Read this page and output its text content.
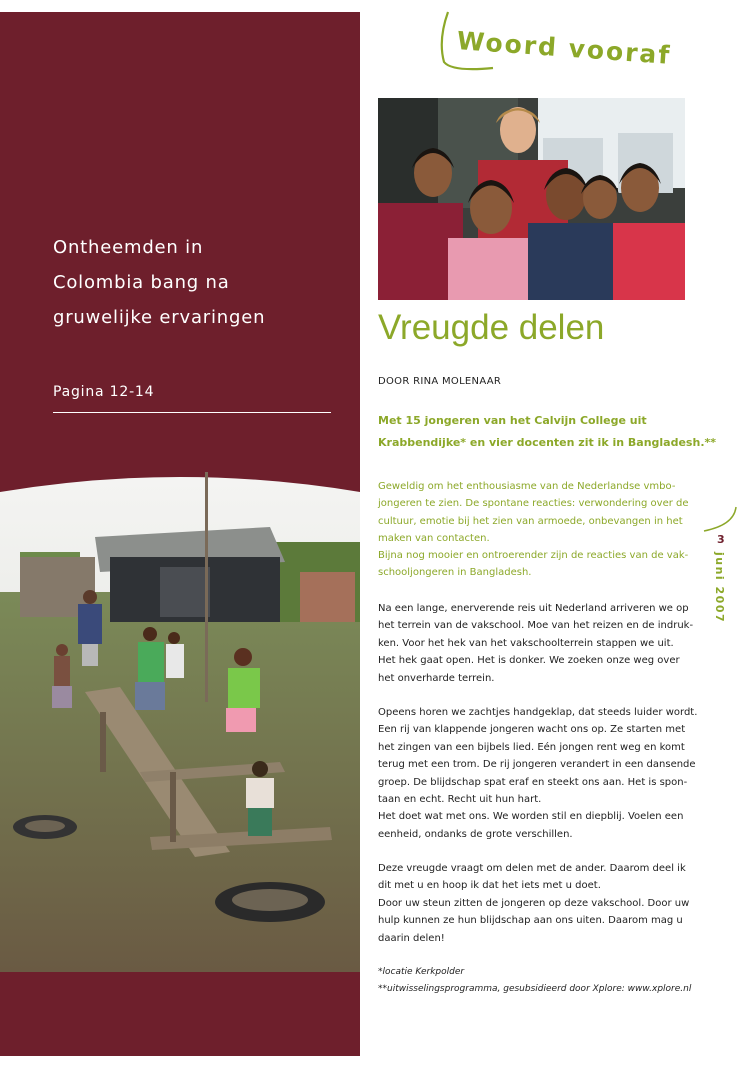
Ontheemden in
Colombia bang na
gruwelijke ervaringen
Pagina 12-14
Woord vooraf
Vreugde delen
DOOR RINA MOLENAAR
Met 15 jongeren van het Calvijn College uit
Krabbendijke* en vier docenten zit ik in Bangladesh.**
Geweldig om het enthousiasme van de Nederlandse vmbo-
jongeren te zien. De spontane reacties: verwondering over de
cultuur, emotie bij het zien van armoede, onbevangen in het
maken van contacten.
Bijna nog mooier en ontroerender zijn de reacties van de vak-
schooljongeren in Bangladesh.
Na een lange, enerverende reis uit Nederland arriveren we op
het terrein van de vakschool. Moe van het reizen en de indruk-
ken. Voor het hek van het vakschoolterrein stappen we uit.
Het hek gaat open. Het is donker. We zoeken onze weg over
het onverharde terrein.
Opeens horen we zachtjes handgeklap, dat steeds luider wordt.
Een rij van klappende jongeren wacht ons op. Ze starten met
het zingen van een bijbels lied. Eén jongen rent weg en komt
terug met een trom. De rij jongeren verandert in een dansende
groep. De blijdschap spat eraf en steekt ons aan. Het is spon-
taan en echt. Recht uit hun hart.
Het doet wat met ons. We worden stil en diepblij. Voelen een
eenheid, ondanks de grote verschillen.
Deze vreugde vraagt om delen met de ander. Daarom deel ik
dit met u en hoop ik dat het iets met u doet.
Door uw steun zitten de jongeren op deze vakschool. Door uw
hulp kunnen ze hun blijdschap aan ons uiten. Daarom mag u
daarin delen!
*locatie Kerkpolder
**uitwisselingsprogramma, gesubsidieerd door Xplore: www.xplore.nl
3
juni 2007
